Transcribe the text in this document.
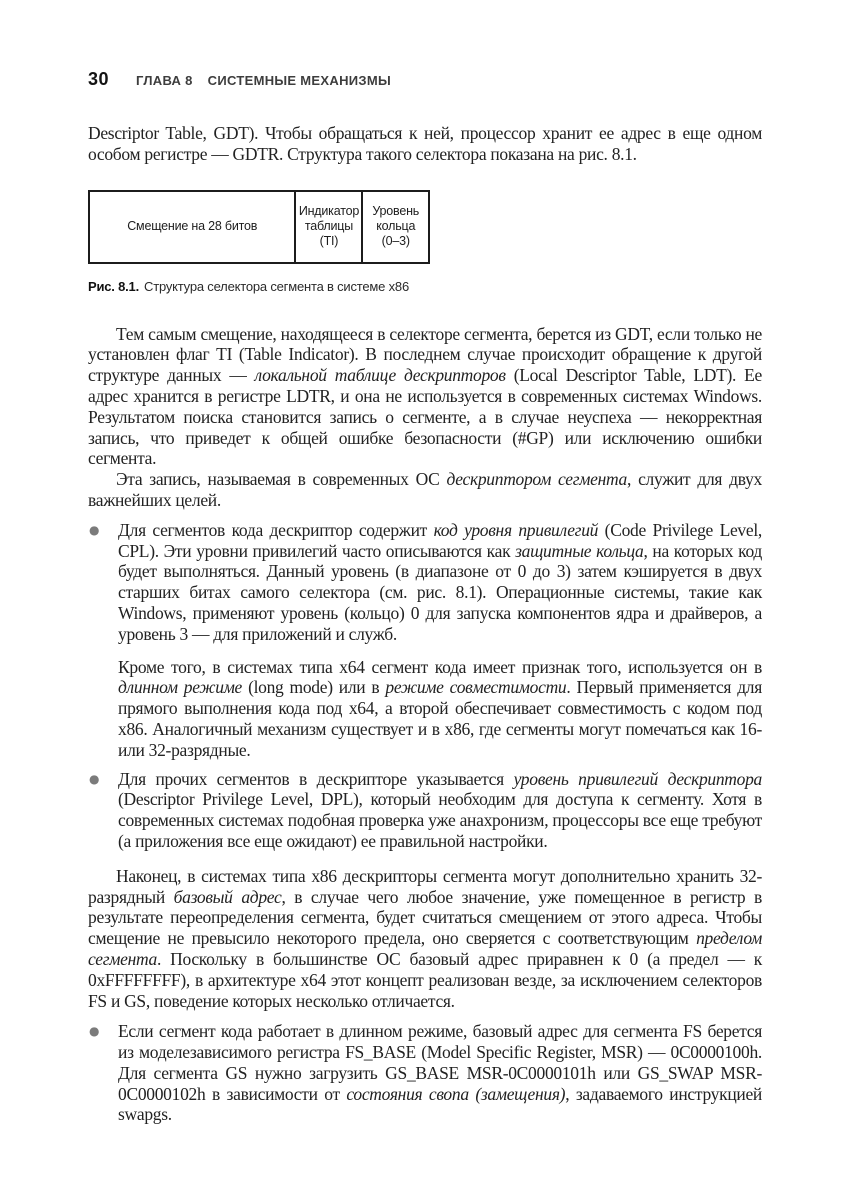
30 ГЛАВА 8 СИСТЕМНЫЕ МЕХАНИЗМЫ

Descriptor Table, GDT). Чтобы обращаться к ней, процессор хранит ее адрес в еще одном особом регистре — GDTR. Структура такого селектора показана на рис. 8.1.

Смещение на 28 битов
Индикатор таблицы (TI)
Уровень кольца (0–3)

Рис. 8.1. Структура селектора сегмента в системе x86

Тем самым смещение, находящееся в селекторе сегмента, берется из GDT, если только не установлен флаг TI (Table Indicator). В последнем случае происходит обращение к другой структуре данных — локальной таблице дескрипторов (Local Descriptor Table, LDT). Ее адрес хранится в регистре LDTR, и она не используется в современных системах Windows. Результатом поиска становится запись о сегменте, а в случае неуспеха — некорректная запись, что приведет к общей ошибке безопасности (#GP) или исключению ошибки сегмента.

Эта запись, называемая в современных ОС дескриптором сегмента, служит для двух важнейших целей.

● Для сегментов кода дескриптор содержит код уровня привилегий (Code Privilege Level, CPL). Эти уровни привилегий часто описываются как защитные кольца, на которых код будет выполняться. Данный уровень (в диапазоне от 0 до 3) затем кэшируется в двух старших битах самого селектора (см. рис. 8.1). Операционные системы, такие как Windows, применяют уровень (кольцо) 0 для запуска компонентов ядра и драйверов, а уровень 3 — для приложений и служб.

Кроме того, в системах типа x64 сегмент кода имеет признак того, используется он в длинном режиме (long mode) или в режиме совместимости. Первый применяется для прямого выполнения кода под x64, а второй обеспечивает совместимость с кодом под x86. Аналогичный механизм существует и в x86, где сегменты могут помечаться как 16- или 32-разрядные.

● Для прочих сегментов в дескрипторе указывается уровень привилегий дескриптора (Descriptor Privilege Level, DPL), который необходим для доступа к сегменту. Хотя в современных системах подобная проверка уже анахронизм, процессоры все еще требуют (а приложения все еще ожидают) ее правильной настройки.

Наконец, в системах типа x86 дескрипторы сегмента могут дополнительно хранить 32-разрядный базовый адрес, в случае чего любое значение, уже помещенное в регистр в результате переопределения сегмента, будет считаться смещением от этого адреса. Чтобы смещение не превысило некоторого предела, оно сверяется с соответствующим пределом сегмента. Поскольку в большинстве ОС базовый адрес приравнен к 0 (а предел — к 0xFFFFFFFF), в архитектуре x64 этот концепт реализован везде, за исключением селекторов FS и GS, поведение которых несколько отличается.

● Если сегмент кода работает в длинном режиме, базовый адрес для сегмента FS берется из моделезависимого регистра FS_BASE (Model Specific Register, MSR) — 0C0000100h. Для сегмента GS нужно загрузить GS_BASE MSR-0C0000101h или GS_SWAP MSR-0C0000102h в зависимости от состояния свопа (замещения), задаваемого инструкцией swapgs.
